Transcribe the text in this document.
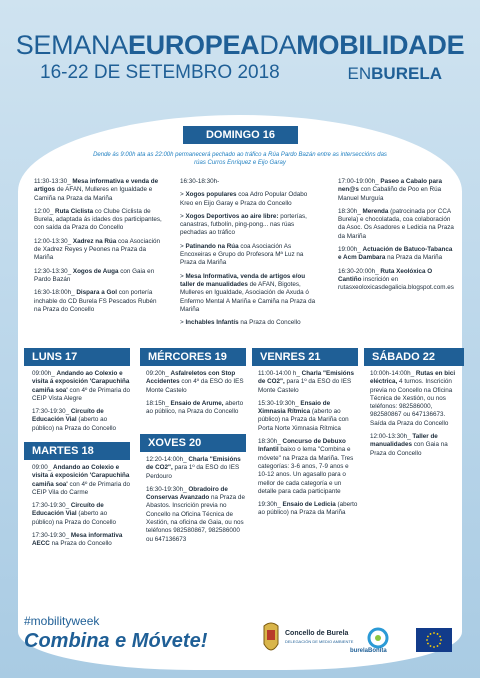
SEMANAEUROPEADAMOBILIDADE
16-22 DE SETEMBRO 2018	ENBURELA
DOMINGO 16
Dende ás 9:00h ata as 22:00h permanecerá pechado ao tráfico a Rúa Pardo Bazán entre as interseccións das rúas Curros Enríquez e Eijo Garay

11:30-13:30_ Mesa informativa e venda de artigos de AFAN, Mulleres en Igualdade e Camiña na Praza da Mariña

12:00_ Ruta Ciclista co Clube Ciclista de Burela, adaptada ás idades dos participantes, con saída da Praza do Concello

12:00-13:30_ Xadrez na Rúa coa Asociación de Xadrez Reyes y Peones na Praza da Mariña

12:30-13:30_ Xogos de Auga con Gaia en Pardo Bazán

16:30-18:00h_ Dispara a Gol con portería inchable do CD Burela FS Pescados Rubén na Praza do Concello

16:30-18:30h-

> Xogos populares coa Adro Popular Odabo Kreo en Eijo Garay e Praza do Concello

> Xogos Deportivos ao aire libre: porterías, canastras, futbolín, ping-pong... nas rúas pechadas ao tráfico

> Patinando na Rúa coa Asociación As Encoxeiras e Grupo do Profesora Mª Luz na Praza da Mariña

> Mesa Informativa, venda de artigos e/ou taller de manualidades de AFAN, Bigotes, Mulleres en Igualdade, Asociación de Axuda ó Enfermo Mental A Mariña e Camiña na Praza da Mariña

> Inchables Infantís na Praza do Concello

17:00-19:00h_ Paseo a Cabalo para nen@s con Cabaliño de Poo en Rúa Manuel Murguía

18:30h_ Merenda (patrocinada por CCA Burela) e chocolatada, coa colaboración da Asoc. Os Asadores e Ledicia na Praza da Mariña

19:00h_ Actuación de Batuco-Tabanca e Acm Dambara na Praza da Mariña

16:30-20:00h_ Ruta Xeolóxica O Cantiño inscrición en rutasxeoloxicasdegalicia.blogspot.com.es

LUNS 17

09:00h_ Andando ao Colexio e visita á exposición 'Carapuchiña camiña soa' con 4º de Primaria do CEIP Vista Alegre

17:30-19:30_ Circuíto de Educación Vial (aberto ao público) na Praza do Concello

MARTES 18

09:00_ Andando ao Colexio e visita á exposición 'Carapuchiña camiña soa' con 4º de Primaria do CEIP Vila do Carme

17:30-19:30_ Circuíto de Educación Vial (aberto ao público) na Praza do Concello

17:30-19:30_ Mesa informativa AECC na Praza do Concello

MÉRCORES 19

09:20h_ Asfalreletos con Stop Accidentes con 4º da ESO do IES Monte Castelo

18:15h_ Ensaio de Arume, aberto ao público, na Praza do Concello

XOVES 20

12:20-14:00h_ Charla "Emisións de CO2", para 1º da ESO do IES Perdouro

16:30-19:30h_ Obradoiro de Conservas Avanzado na Praza de Abastos. Inscrición previa no Concello na Oficina Técnica de Xestión, na oficina de Gaia, ou nos teléfonos 982580867, 982586000 ou 647136673

VENRES 21

11:00-14:00 h_ Charla "Emisións de CO2", para 1º da ESO do IES Monte Castelo

15:30-19:30h_ Ensaio de Ximnasia Rítmica (aberto ao público) na Praza da Mariña con Porta Norte Ximnasia Rítmica

18:30h_ Concurso de Debuxo Infantil baixo o lema "Combina e móvete" na Praza da Mariña. Tres categorías: 3-6 anos, 7-9 anos e 10-12 anos. Un agasallo para o mellor de cada categoría e un detalle para cada participante

19:30h_ Ensaio de Ledicia (aberto ao público) na Praza da Mariña

SÁBADO 22

10:00h-14:00h_ Rutas en bici eléctrica, 4 turnos. Inscrición previa no Concello na Oficina Técnica de Xestión, ou nos teléfonos: 982586000, 982580867 ou 647136673. Saída da Praza do Concello

12:00-13:30h_ Taller de manualidades con Gaia na Praza do Concello

#mobilityweek
Combina e Móvete!	Concello de Burela
DELEGACIÓN DE MEDIO AMBIENTE
burelaBonita
